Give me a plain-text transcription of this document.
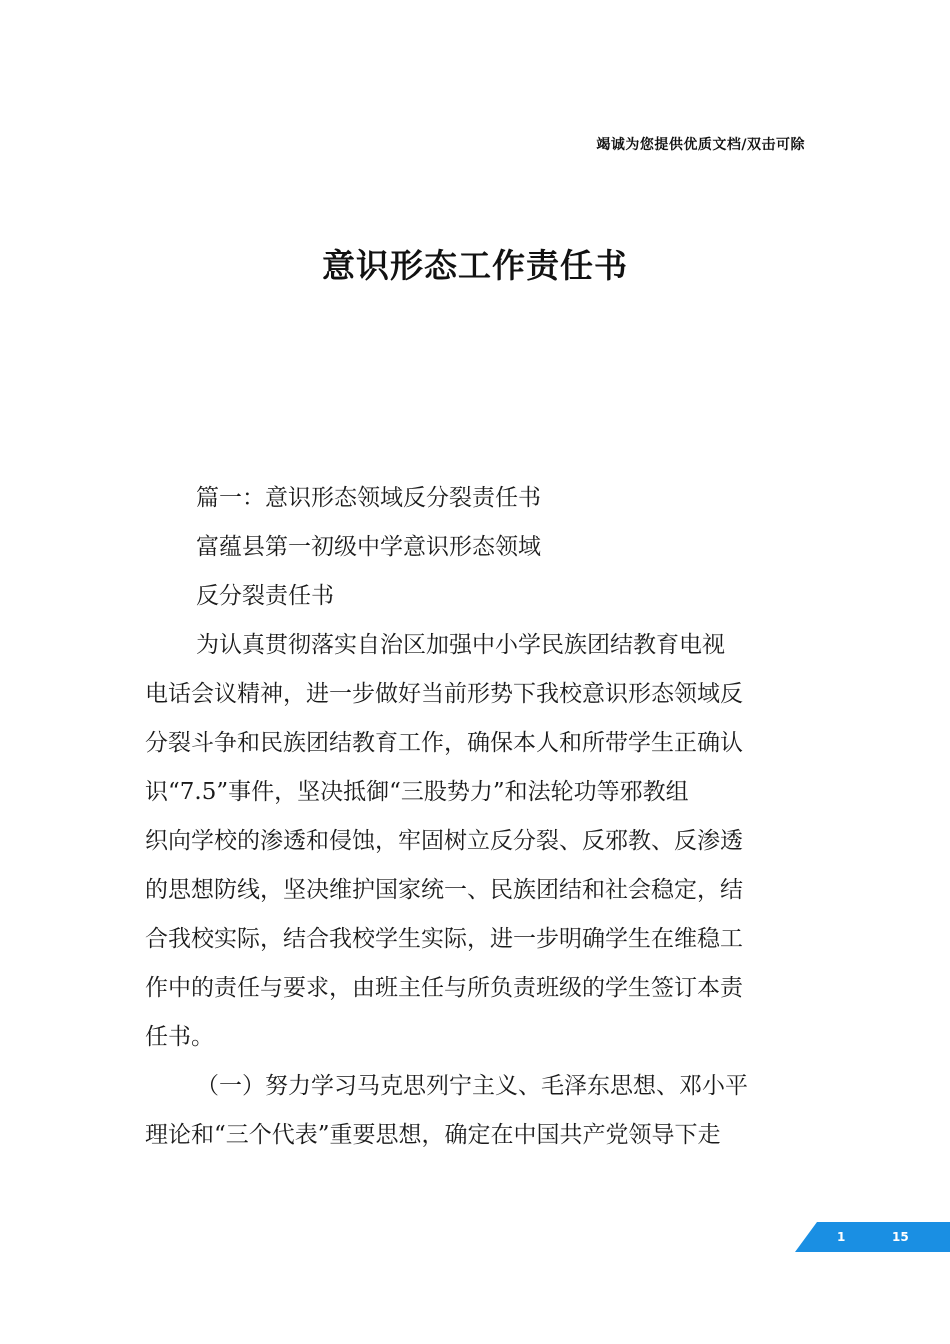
竭诚为您提供优质文档/双击可除
意识形态工作责任书
篇一：意识形态领域反分裂责任书
富蕴县第一初级中学意识形态领域
反分裂责任书
为认真贯彻落实自治区加强中小学民族团结教育电视
电话会议精神，进一步做好当前形势下我校意识形态领域反
分裂斗争和民族团结教育工作，确保本人和所带学生正确认
识“7.5”事件，坚决抵御“三股势力”和法轮功等邪教组
织向学校的渗透和侵蚀，牢固树立反分裂、反邪教、反渗透
的思想防线，坚决维护国家统一、民族团结和社会稳定，结
合我校实际，结合我校学生实际，进一步明确学生在维稳工
作中的责任与要求，由班主任与所负责班级的学生签订本责
任书。
（一）努力学习马克思列宁主义、毛泽东思想、邓小平
理论和“三个代表”重要思想，确定在中国共产党领导下走
1	15
